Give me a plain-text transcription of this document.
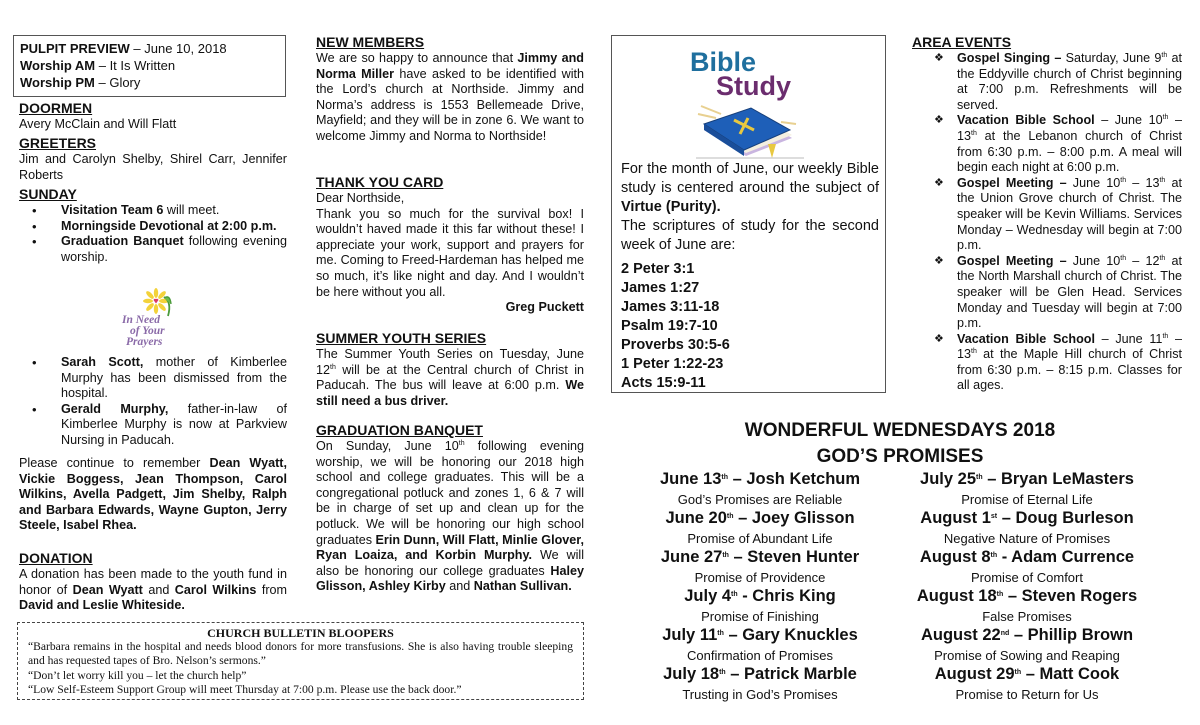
PULPIT PREVIEW – June 10, 2018
Worship AM – It Is Written
Worship PM – Glory
DOORMEN
Avery McClain and Will Flatt
GREETERS
Jim and Carolyn Shelby, Shirel Carr, Jennifer Roberts
SUNDAY
• Visitation Team 6 will meet.
• Morningside Devotional at 2:00 p.m.
• Graduation Banquet following evening worship.
In Need
of Your
Prayers
• Sarah Scott, mother of Kimberlee Murphy has been dismissed from the hospital.
• Gerald Murphy, father-in-law of Kimberlee Murphy is now at Parkview Nursing in Paducah.
Please continue to remember Dean Wyatt, Vickie Boggess, Jean Thompson, Carol Wilkins, Avella Padgett, Jim Shelby, Ralph and Barbara Edwards, Wayne Gupton, Jerry Steele, Isabel Rhea.
DONATION
A donation has been made to the youth fund in honor of Dean Wyatt and Carol Wilkins from David and Leslie Whiteside.
NEW MEMBERS
We are so happy to announce that Jimmy and Norma Miller have asked to be identified with the Lord’s church at Northside. Jimmy and Norma’s address is 1553 Bellemeade Drive, Mayfield; and they will be in zone 6. We want to welcome Jimmy and Norma to Northside!
THANK YOU CARD
Dear Northside,
Thank you so much for the survival box! I wouldn’t haved made it this far without these! I appreciate your work, support and prayers for me. Coming to Freed-Hardeman has helped me so much, it’s like night and day. And I wouldn’t be here without you all.
Greg Puckett
SUMMER YOUTH SERIES
The Summer Youth Series on Tuesday, June 12th will be at the Central church of Christ in Paducah. The bus will leave at 6:00 p.m. We still need a bus driver.
GRADUATION BANQUET
On Sunday, June 10th following evening worship, we will be honoring our 2018 high school and college graduates. This will be a congregational potluck and zones 1, 6 & 7 will be in charge of set up and clean up for the potluck. We will be honoring our high school graduates Erin Dunn, Will Flatt, Minlie Glover, Ryan Loaiza, and Korbin Murphy. We will also be honoring our college graduates Haley Glisson, Ashley Kirby and Nathan Sullivan.
CHURCH BULLETIN BLOOPERS
“Barbara remains in the hospital and needs blood donors for more transfusions. She is also having trouble sleeping and has requested tapes of Bro. Nelson’s sermons.”
“Don’t let worry kill you – let the church help”
“Low Self-Esteem Support Group will meet Thursday at 7:00 p.m. Please use the back door.”
Bible
Study
For the month of June, our weekly Bible study is centered around the subject of Virtue (Purity).
The scriptures of study for the second week of June are:
2 Peter 3:1
James 1:27
James 3:11-18
Psalm 19:7-10
Proverbs 30:5-6
1 Peter 1:22-23
Acts 15:9-11
AREA EVENTS
❖ Gospel Singing – Saturday, June 9th at the Eddyville church of Christ beginning at 7:00 p.m. Refreshments will be served.
❖ Vacation Bible School – June 10th – 13th at the Lebanon church of Christ from 6:30 p.m. – 8:00 p.m. A meal will begin each night at 6:00 p.m.
❖ Gospel Meeting – June 10th – 13th at the Union Grove church of Christ. The speaker will be Kevin Williams. Services Monday – Wednesday will begin at 7:00 p.m.
❖ Gospel Meeting – June 10th – 12th at the North Marshall church of Christ. The speaker will be Glen Head. Services Monday and Tuesday will begin at 7:00 p.m.
❖ Vacation Bible School – June 11th – 13th at the Maple Hill church of Christ from 6:30 p.m. – 8:15 p.m. Classes for all ages.
WONDERFUL WEDNESDAYS 2018
GOD’S PROMISES
June 13th – Josh Ketchum
God’s Promises are Reliable
June 20th – Joey Glisson
Promise of Abundant Life
June 27th – Steven Hunter
Promise of Providence
July 4th - Chris King
Promise of Finishing
July 11th – Gary Knuckles
Confirmation of Promises
July 18th – Patrick Marble
Trusting in God’s Promises
July 25th – Bryan LeMasters
Promise of Eternal Life
August 1st – Doug Burleson
Negative Nature of Promises
August 8th - Adam Currence
Promise of Comfort
August 18th – Steven Rogers
False Promises
August 22nd – Phillip Brown
Promise of Sowing and Reaping
August 29th – Matt Cook
Promise to Return for Us
